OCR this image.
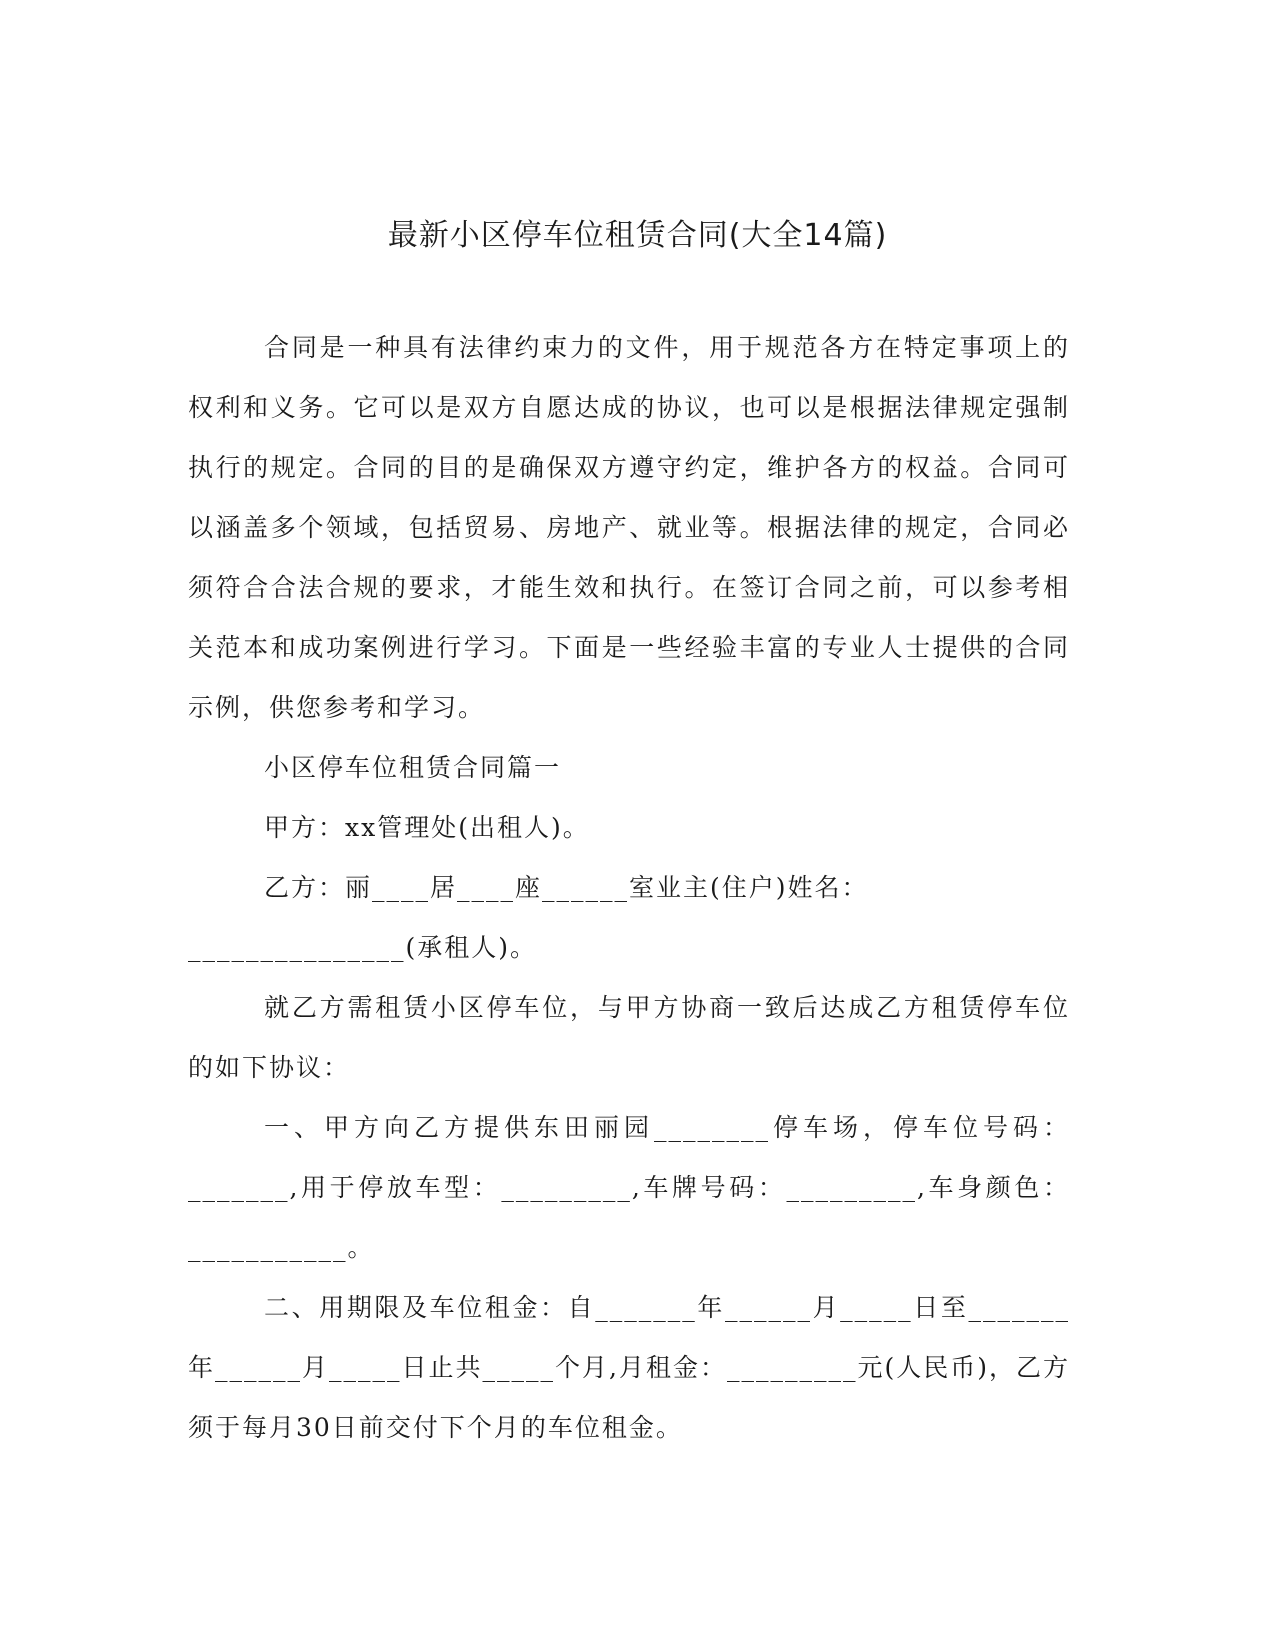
最新小区停车位租赁合同(大全14篇)

合同是一种具有法律约束力的文件，用于规范各方在特定事项上的权利和义务。它可以是双方自愿达成的协议，也可以是根据法律规定强制执行的规定。合同的目的是确保双方遵守约定，维护各方的权益。合同可以涵盖多个领域，包括贸易、房地产、就业等。根据法律的规定，合同必须符合合法合规的要求，才能生效和执行。在签订合同之前，可以参考相关范本和成功案例进行学习。下面是一些经验丰富的专业人士提供的合同示例，供您参考和学习。

小区停车位租赁合同篇一

甲方：xx管理处(出租人)。

乙方：丽____居____座______室业主(住户)姓名：

_______________(承租人)。

就乙方需租赁小区停车位，与甲方协商一致后达成乙方租赁停车位的如下协议：

一、甲方向乙方提供东田丽园________停车场，停车位号码：_______,用于停放车型：_________,车牌号码：_________,车身颜色：___________。

二、用期限及车位租金：自_______年______月_____日至_______年______月_____日止共_____个月,月租金：_________元(人民币)，乙方须于每月30日前交付下个月的车位租金。
